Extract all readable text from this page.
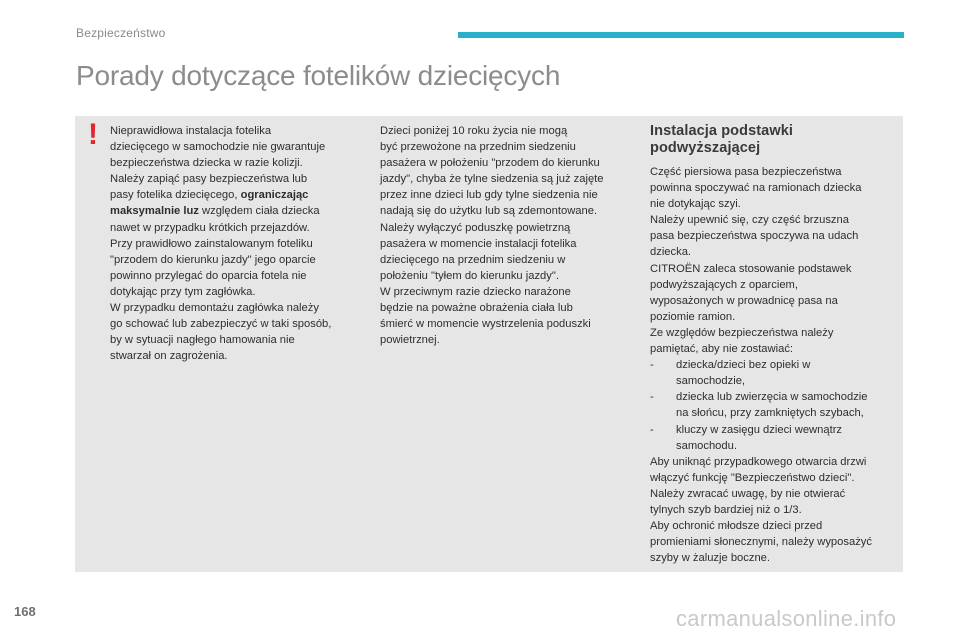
Bezpieczeństwo
Porady dotyczące fotelików dziecięcych
! Nieprawidłowa instalacja fotelika
dziecięcego w samochodzie nie gwarantuje
bezpieczeństwa dziecka w razie kolizji.
Należy zapiąć pasy bezpieczeństwa lub
pasy fotelika dziecięcego, ograniczając
maksymalnie luz względem ciała dziecka
nawet w przypadku krótkich przejazdów.
Przy prawidłowo zainstalowanym foteliku
"przodem do kierunku jazdy" jego oparcie
powinno przylegać do oparcia fotela nie
dotykając przy tym zagłówka.
W przypadku demontażu zagłówka należy
go schować lub zabezpieczyć w taki sposób,
by w sytuacji nagłego hamowania nie
stwarzał on zagrożenia.

Dzieci poniżej 10 roku życia nie mogą
być przewożone na przednim siedzeniu
pasażera w położeniu "przodem do kierunku
jazdy", chyba że tylne siedzenia są już zajęte
przez inne dzieci lub gdy tylne siedzenia nie
nadają się do użytku lub są zdemontowane.
Należy wyłączyć poduszkę powietrzną
pasażera w momencie instalacji fotelika
dziecięcego na przednim siedzeniu w
położeniu "tyłem do kierunku jazdy".
W przeciwnym razie dziecko narażone
będzie na poważne obrażenia ciała lub
śmierć w momencie wystrzelenia poduszki
powietrznej.

Instalacja podstawki
podwyższającej

Część piersiowa pasa bezpieczeństwa
powinna spoczywać na ramionach dziecka
nie dotykając szyi.
Należy upewnić się, czy część brzuszna
pasa bezpieczeństwa spoczywa na udach
dziecka.
CITROËN zaleca stosowanie podstawek
podwyższających z oparciem,
wyposażonych w prowadnicę pasa na
poziomie ramion.
Ze względów bezpieczeństwa należy
pamiętać, aby nie zostawiać:

- dziecka/dzieci bez opieki w
samochodzie,
- dziecka lub zwierzęcia w samochodzie
na słońcu, przy zamkniętych szybach,
- kluczy w zasięgu dzieci wewnątrz
samochodu.

Aby uniknąć przypadkowego otwarcia drzwi
włączyć funkcję "Bezpieczeństwo dzieci".
Należy zwracać uwagę, by nie otwierać
tylnych szyb bardziej niż o 1/3.
Aby ochronić młodsze dzieci przed
promieniami słonecznymi, należy wyposażyć
szyby w żaluzje boczne.

168	carmanualsonline.info
